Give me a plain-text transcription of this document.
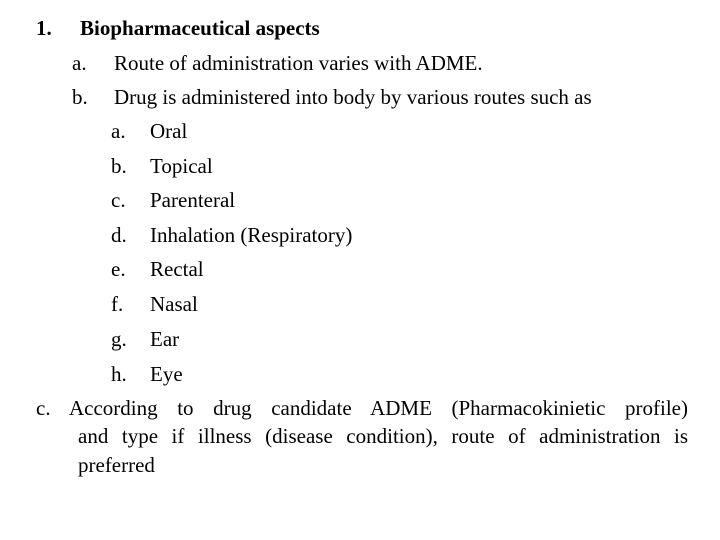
1. Biopharmaceutical aspects
a. Route of administration varies with ADME.
b. Drug is administered into body by various routes such as
a. Oral
b. Topical
c. Parenteral
d. Inhalation (Respiratory)
e. Rectal
f. Nasal
g. Ear
h. Eye
c. According to drug candidate ADME (Pharmacokinietic profile)
and type if illness (disease condition), route of administration is
preferred
